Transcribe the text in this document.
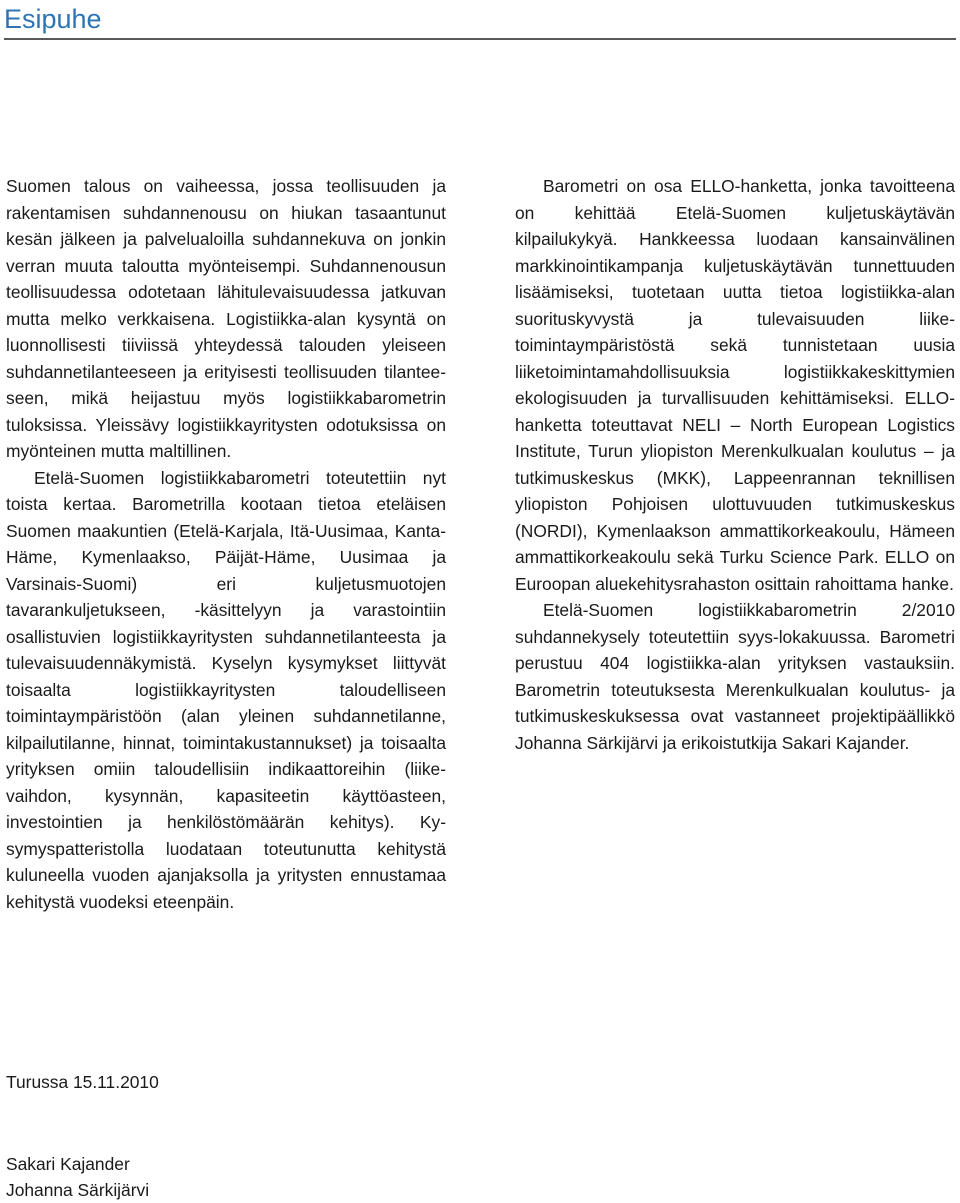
Esipuhe

Suomen talous on vaiheessa, jossa teollisuuden ja rakentamisen suhdannenousu on hiukan tasaantunut kesän jälkeen ja palvelualoilla suhdannekuva on jonkin verran muuta taloutta myönteisempi. Suhdannenousun teollisuudessa odotetaan lähitulevaisuudessa jatkuvan mutta melko verkkaisena. Logistiikka-alan kysyntä on luonnollisesti tiiviissä yhteydessä talouden yleiseen suhdannetilanteeseen ja erityisesti teollisuuden tilanteeseen, mikä heijastuu myös logistiikkabarometrin tuloksissa. Yleissävy logistiikkayritysten odotuksissa on myönteinen mutta maltillinen.

Etelä-Suomen logistiikkabarometri toteutettiin nyt toista kertaa. Barometrilla kootaan tietoa eteläisen Suomen maakuntien (Etelä-Karjala, Itä-Uusimaa, Kanta-Häme, Kymenlaakso, Päijät-Häme, Uusimaa ja Varsinais-Suomi) eri kuljetusmuotojen tavarankuljetukseen, -käsittelyyn ja varastointiin osallistuvien logistiikkayritysten suhdannetilanteesta ja tulevaisuudennäkymistä. Kyselyn kysymykset liittyvät toisaalta logistiikkayritysten taloudelliseen toimintaympäristöön (alan yleinen suhdannetilanne, kilpailutilanne, hinnat, toimintakustannukset) ja toisaalta yrityksen omiin taloudellisiin indikaattoreihin (liikevaihdon, kysynnän, kapasiteetin käyttöasteen, investointien ja henkilöstömäärän kehitys). Kysymyspatteristolla luodataan toteutunutta kehitystä kuluneella vuoden ajanjaksolla ja yritysten ennustamaa kehitystä vuodeksi eteenpäin.

Barometri on osa ELLO-hanketta, jonka tavoitteena on kehittää Etelä-Suomen kuljetuskäytävän kilpailukykyä. Hankkeessa luodaan kansainvälinen markkinointikampanja kuljetuskäytävän tunnettuuden lisäämiseksi, tuotetaan uutta tietoa logistiikka-alan suorituskyvystä ja tulevaisuuden liiketoimintaympäristöstä sekä tunnistetaan uusia liiketoimintamahdollisuuksia logistiikkakeskittymien ekologisuuden ja turvallisuuden kehittämiseksi. ELLO-hanketta toteuttavat NELI – North European Logistics Institute, Turun yliopiston Merenkulkualan koulutus – ja tutkimuskeskus (MKK), Lappeenrannan teknillisen yliopiston Pohjoisen ulottuvuuden tutkimuskeskus (NORDI), Kymenlaakson ammattikorkeakoulu, Hämeen ammattikorkeakoulu sekä Turku Science Park. ELLO on Euroopan aluekehitysrahaston osittain rahoittama hanke.

Etelä-Suomen logistiikkabarometrin 2/2010 suhdannekysely toteutettiin syys-lokakuussa. Barometri perustuu 404 logistiikka-alan yrityksen vastauksiin. Barometrin toteutuksesta Merenkulkualan koulutus- ja tutkimuskeskuksessa ovat vastanneet projektipäällikkö Johanna Särkijärvi ja erikoistutkija Sakari Kajander.

Turussa 15.11.2010
Sakari Kajander
Johanna Särkijärvi
